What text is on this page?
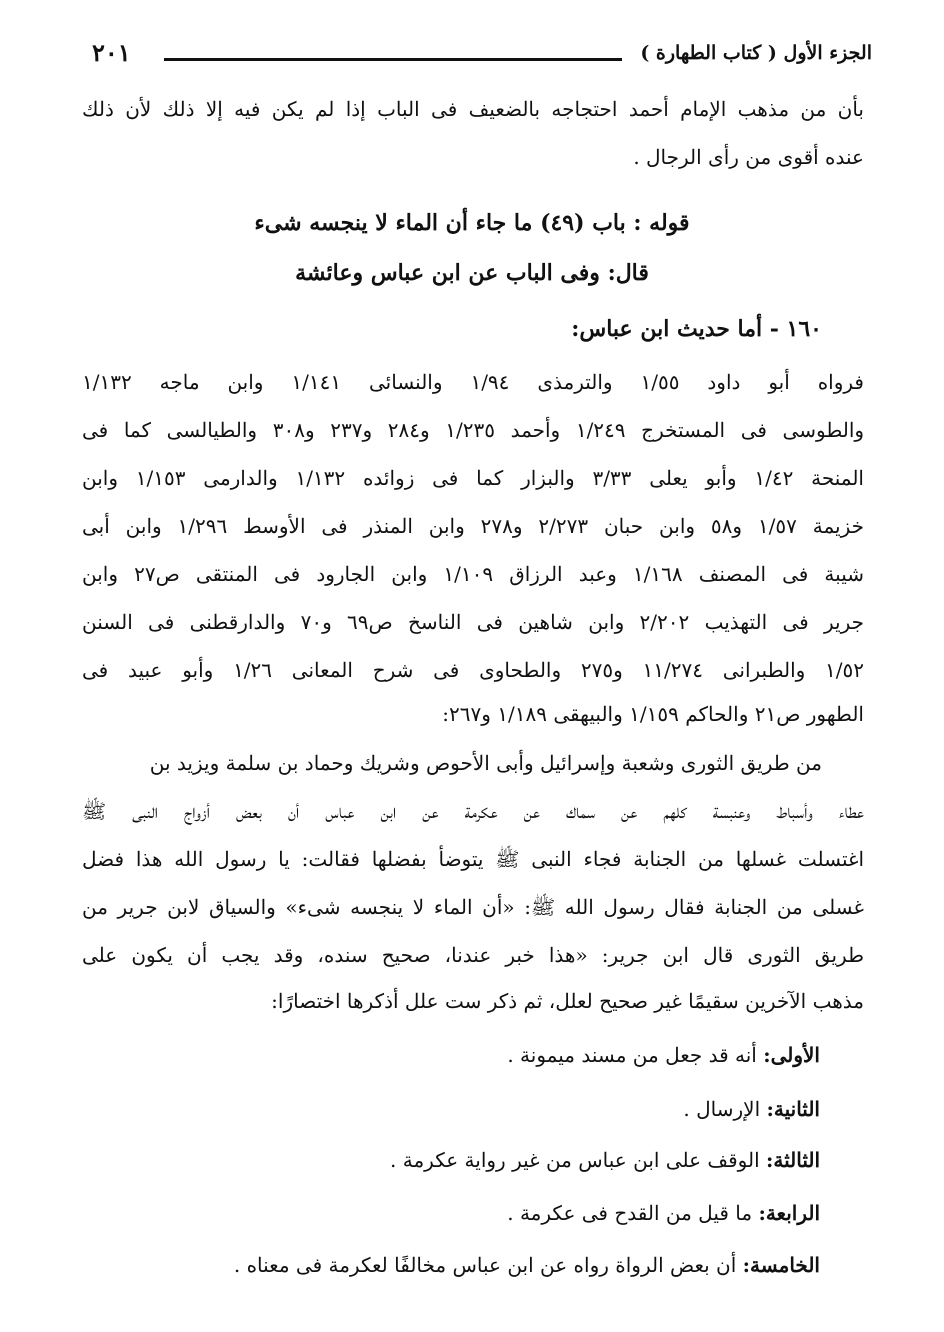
الجزء الأول ( كتاب الطهارة )
٢٠١
بأن من مذهب الإمام أحمد احتجاجه بالضعيف فى الباب إذا لم يكن فيه إلا ذلك لأن ذلك
عنده أقوى من رأى الرجال .
قوله : باب (٤٩) ما جاء أن الماء لا ينجسه شىء
قال: وفى الباب عن ابن عباس وعائشة
١٦٠ - أما حديث ابن عباس:
فرواه أبو داود ١/٥٥ والترمذى ١/٩٤ والنسائى ١/١٤١ وابن ماجه ١/١٣٢
والطوسى فى المستخرج ١/٢٤٩ وأحمد ١/٢٣٥ و٢٨٤ و٢٣٧ و٣٠٨ والطيالسى كما فى
المنحة ١/٤٢ وأبو يعلى ٣/٣٣ والبزار كما فى زوائده ١/١٣٢ والدارمى ١/١٥٣ وابن
خزيمة ١/٥٧ و٥٨ وابن حبان ٢/٢٧٣ و٢٧٨ وابن المنذر فى الأوسط ١/٢٩٦ وابن أبى
شيبة فى المصنف ١/١٦٨ وعبد الرزاق ١/١٠٩ وابن الجارود فى المنتقى ص٢٧ وابن
جرير فى التهذيب ٢/٢٠٢ وابن شاهين فى الناسخ ص٦٩ و٧٠ والدارقطنى فى السنن
١/٥٢ والطبرانى ١١/٢٧٤ و٢٧٥ والطحاوى فى شرح المعانى ١/٢٦ وأبو عبيد فى
الطهور ص٢١ والحاكم ١/١٥٩ والبيهقى ١/١٨٩ و٢٦٧:
من طريق الثورى وشعبة وإسرائيل وأبى الأحوص وشريك وحماد بن سلمة ويزيد بن
عطاء وأسباط وعنبسة كلهم عن سماك عن عكرمة عن ابن عباس أن بعض أزواج النبى ﷺ
اغتسلت غسلها من الجنابة فجاء النبى ﷺ يتوضأ بفضلها فقالت: يا رسول الله هذا فضل
غسلى من الجنابة فقال رسول الله ﷺ: «أن الماء لا ينجسه شىء» والسياق لابن جرير من
طريق الثورى قال ابن جرير: «هذا خبر عندنا، صحيح سنده، وقد يجب أن يكون على
مذهب الآخرين سقيمًا غير صحيح لعلل، ثم ذكر ست علل أذكرها اختصارًا:
الأولى: أنه قد جعل من مسند ميمونة .
الثانية: الإرسال .
الثالثة: الوقف على ابن عباس من غير رواية عكرمة .
الرابعة: ما قيل من القدح فى عكرمة .
الخامسة: أن بعض الرواة رواه عن ابن عباس مخالفًا لعكرمة فى معناه .
